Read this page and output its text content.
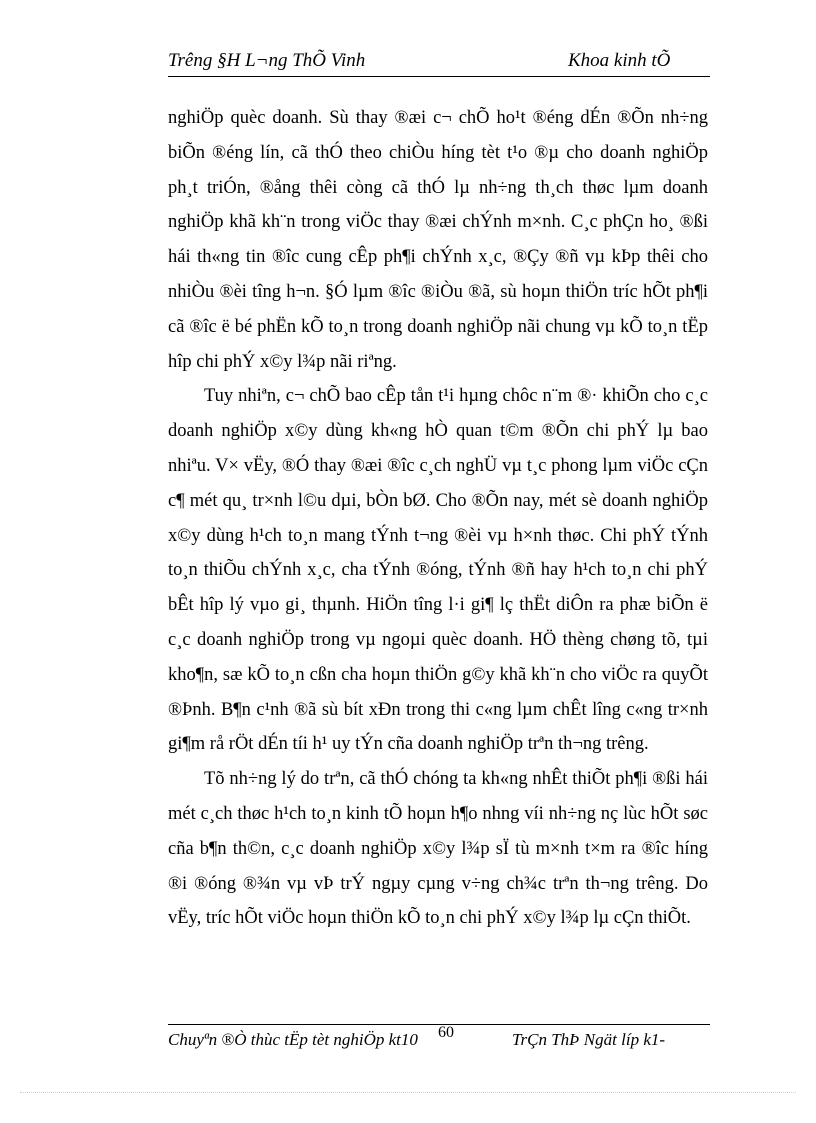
Trêng §H L¬ng ThÕ Vinh	Khoa kinh tÕ

nghiÖp quèc doanh. Sù thay ®æi c¬ chÕ ho¹t ®éng dÉn ®Õn nh÷ng biÕn ®éng lín, cã thÓ theo chiÒu híng tèt t¹o ®µ cho doanh nghiÖp ph¸t triÓn, ®ång thêi còng cã thÓ lµ nh÷ng th¸ch thøc lµm doanh nghiÖp khã kh¨n trong viÖc thay ®æi chÝnh m×nh. C¸c phÇn ho¸ ®ßi hái th«ng tin ®îc cung cÊp ph¶i chÝnh x¸c, ®Çy ®ñ vµ kÞp thêi cho nhiÒu ®èi tîng h¬n. §Ó lµm ®îc ®iÒu ®ã, sù hoµn thiÖn tríc hÕt ph¶i cã ®îc ë bé phËn kÕ to¸n trong doanh nghiÖp nãi chung vµ kÕ to¸n tËp hîp chi phÝ x©y l¾p nãi riªng.

Tuy nhiªn, c¬ chÕ bao cÊp tån t¹i hµng chôc n¨m ®· khiÕn cho c¸c doanh nghiÖp x©y dùng kh«ng hÒ quan t©m ®Õn chi phÝ lµ bao nhiªu. V× vËy, ®Ó thay ®æi ®îc c¸ch nghÜ vµ t¸c phong lµm viÖc cÇn c¶ mét qu¸ tr×nh l©u dµi, bÒn bØ. Cho ®Õn nay, mét sè doanh nghiÖp x©y dùng h¹ch to¸n mang tÝnh t¬ng ®èi vµ h×nh thøc. Chi phÝ tÝnh to¸n thiÕu chÝnh x¸c, cha tÝnh ®óng, tÝnh ®ñ hay h¹ch to¸n chi phÝ bÊt hîp lý vµo gi¸ thµnh. HiÖn tîng l·i gi¶ lç thËt diÔn ra phæ biÕn ë c¸c doanh nghiÖp trong vµ ngoµi quèc doanh. HÖ thèng chøng tõ, tµi kho¶n, sæ kÕ to¸n cßn cha hoµn thiÖn g©y khã kh¨n cho viÖc ra quyÕt ®Þnh. B¶n c¹nh ®ã sù bít xÐn trong thi c«ng lµm chÊt lîng c«ng tr×nh gi¶m rå rÖt dÉn tíi h¹ uy tÝn cña doanh nghiÖp trªn th¬ng trêng.

Tõ nh÷ng lý do trªn, cã thÓ chóng ta kh«ng nhÊt thiÕt ph¶i ®ßi hái mét c¸ch thøc h¹ch to¸n kinh tÕ hoµn h¶o nhng víi nh÷ng nç lùc hÕt søc cña b¶n th©n, c¸c doanh nghiÖp x©y l¾p sÏ tù m×nh t×m ra ®îc híng ®i ®óng ®¾n vµ vÞ trÝ ngµy cµng v÷ng ch¾c trªn th¬ng trêng. Do vËy, tríc hÕt viÖc hoµn thiÖn kÕ to¸n chi phÝ x©y l¾p lµ cÇn thiÕt.

Chuyªn ®Ò thùc tËp tèt nghiÖp kt10 60	TrÇn ThÞ Ngät líp k1-
